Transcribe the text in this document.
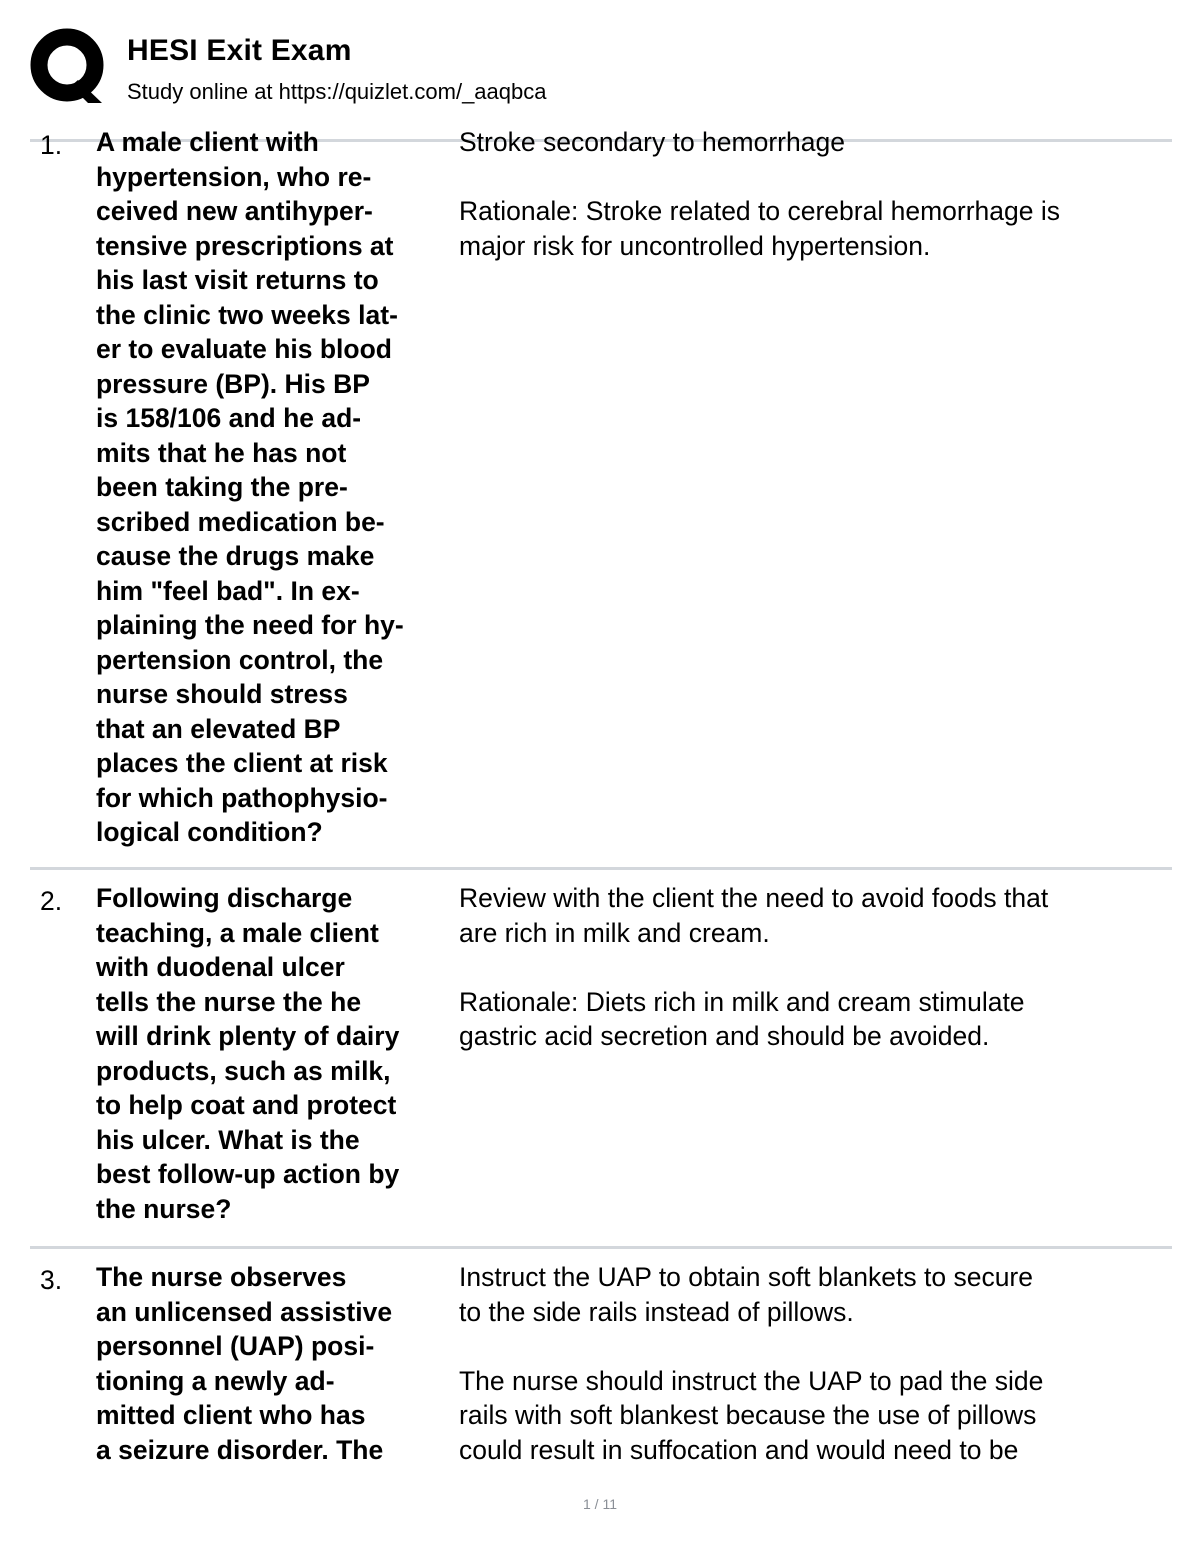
HESI Exit Exam
Study online at https://quizlet.com/_aaqbca
1. A male client with
hypertension, who re-
ceived new antihyper-
tensive prescriptions at
his last visit returns to
the clinic two weeks lat-
er to evaluate his blood
pressure (BP). His BP
is 158/106 and he ad-
mits that he has not
been taking the pre-
scribed medication be-
cause the drugs make
him "feel bad". In ex-
plaining the need for hy-
pertension control, the
nurse should stress
that an elevated BP
places the client at risk
for which pathophysio-
logical condition?

Stroke secondary to hemorrhage

Rationale: Stroke related to cerebral hemorrhage is
major risk for uncontrolled hypertension.

2. Following discharge
teaching, a male client
with duodenal ulcer
tells the nurse the he
will drink plenty of dairy
products, such as milk,
to help coat and protect
his ulcer. What is the
best follow-up action by
the nurse?

Review with the client the need to avoid foods that
are rich in milk and cream.

Rationale: Diets rich in milk and cream stimulate
gastric acid secretion and should be avoided.

3. The nurse observes
an unlicensed assistive
personnel (UAP) posi-
tioning a newly ad-
mitted client who has
a seizure disorder. The

Instruct the UAP to obtain soft blankets to secure
to the side rails instead of pillows.

The nurse should instruct the UAP to pad the side
rails with soft blankest because the use of pillows
could result in suffocation and would need to be

1 / 11
